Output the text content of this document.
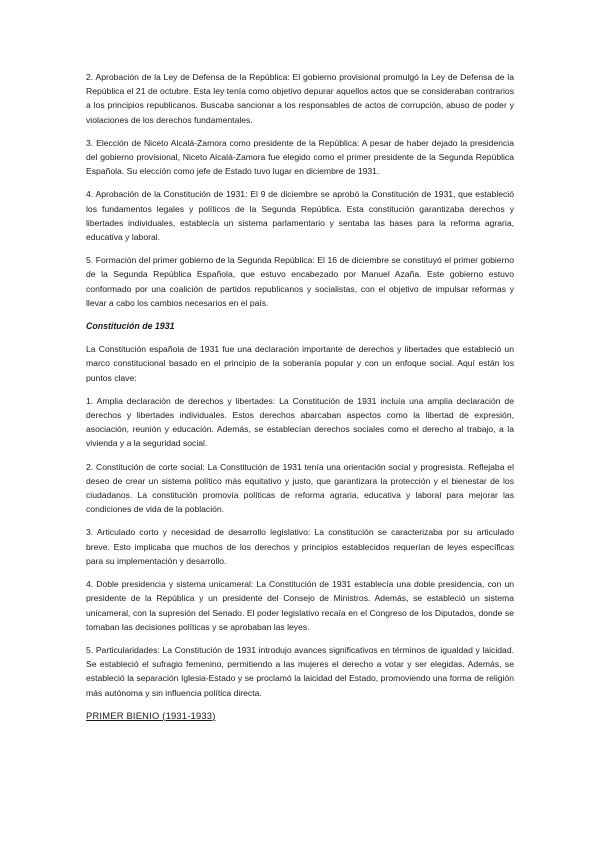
2. Aprobación de la Ley de Defensa de la República: El gobierno provisional promulgó la Ley de Defensa de la República el 21 de octubre. Esta ley tenía como objetivo depurar aquellos actos que se consideraban contrarios a los principios republicanos. Buscaba sancionar a los responsables de actos de corrupción, abuso de poder y violaciones de los derechos fundamentales.

3. Elección de Niceto Alcalá-Zamora como presidente de la República: A pesar de haber dejado la presidencia del gobierno provisional, Niceto Alcalá-Zamora fue elegido como el primer presidente de la Segunda República Española. Su elección como jefe de Estado tuvo lugar en diciembre de 1931.

4. Aprobación de la Constitución de 1931: El 9 de diciembre se aprobó la Constitución de 1931, que estableció los fundamentos legales y políticos de la Segunda República. Esta constitución garantizaba derechos y libertades individuales, establecía un sistema parlamentario y sentaba las bases para la reforma agraria, educativa y laboral.

5. Formación del primer gobierno de la Segunda República: El 16 de diciembre se constituyó el primer gobierno de la Segunda República Española, que estuvo encabezado por Manuel Azaña. Este gobierno estuvo conformado por una coalición de partidos republicanos y socialistas, con el objetivo de impulsar reformas y llevar a cabo los cambios necesarios en el país.

Constitución de 1931

La Constitución española de 1931 fue una declaración importante de derechos y libertades que estableció un marco constitucional basado en el principio de la soberanía popular y con un enfoque social. Aquí están los puntos clave:

1. Amplia declaración de derechos y libertades: La Constitución de 1931 incluía una amplia declaración de derechos y libertades individuales. Estos derechos abarcaban aspectos como la libertad de expresión, asociación, reunión y educación. Además, se establecían derechos sociales como el derecho al trabajo, a la vivienda y a la seguridad social.

2. Constitución de corte social: La Constitución de 1931 tenía una orientación social y progresista. Reflejaba el deseo de crear un sistema político más equitativo y justo, que garantizara la protección y el bienestar de los ciudadanos. La constitución promovía políticas de reforma agraria, educativa y laboral para mejorar las condiciones de vida de la población.

3. Articulado corto y necesidad de desarrollo legislativo: La constitución se caracterizaba por su articulado breve. Esto implicaba que muchos de los derechos y principios establecidos requerían de leyes específicas para su implementación y desarrollo.

4. Doble presidencia y sistema unicameral: La Constitución de 1931 establecía una doble presidencia, con un presidente de la República y un presidente del Consejo de Ministros. Además, se estableció un sistema unicameral, con la supresión del Senado. El poder legislativo recaía en el Congreso de los Diputados, donde se tomaban las decisiones políticas y se aprobaban las leyes.

5. Particularidades: La Constitución de 1931 introdujo avances significativos en términos de igualdad y laicidad. Se estableció el sufragio femenino, permitiendo a las mujeres el derecho a votar y ser elegidas. Además, se estableció la separación Iglesia-Estado y se proclamó la laicidad del Estado, promoviendo una forma de religión más autónoma y sin influencia política directa.

PRIMER BIENIO (1931-1933)
